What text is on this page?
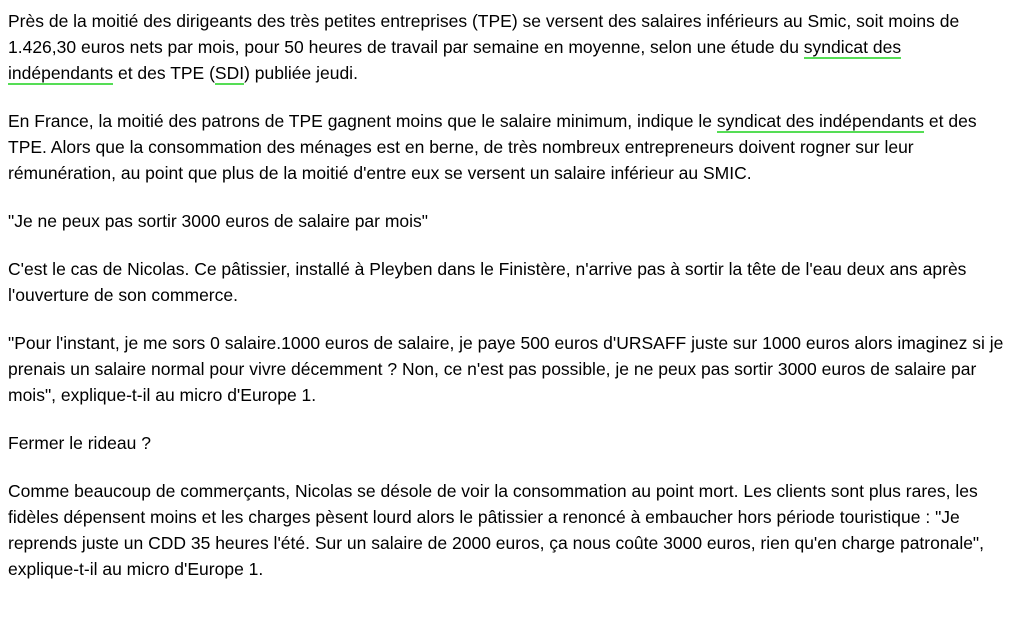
Près de la moitié des dirigeants des très petites entreprises (TPE) se versent des salaires inférieurs au Smic, soit moins de 1.426,30 euros nets par mois, pour 50 heures de travail par semaine en moyenne, selon une étude du syndicat des indépendants et des TPE (SDI) publiée jeudi.

En France, la moitié des patrons de TPE gagnent moins que le salaire minimum, indique le syndicat des indépendants et des TPE. Alors que la consommation des ménages est en berne, de très nombreux entrepreneurs doivent rogner sur leur rémunération, au point que plus de la moitié d'entre eux se versent un salaire inférieur au SMIC.

"Je ne peux pas sortir 3000 euros de salaire par mois"

C'est le cas de Nicolas. Ce pâtissier, installé à Pleyben dans le Finistère, n'arrive pas à sortir la tête de l'eau deux ans après l'ouverture de son commerce.

"Pour l'instant, je me sors 0 salaire.1000 euros de salaire, je paye 500 euros d'URSAFF juste sur 1000 euros alors imaginez si je prenais un salaire normal pour vivre décemment ? Non, ce n'est pas possible, je ne peux pas sortir 3000 euros de salaire par mois", explique-t-il au micro d'Europe 1.

Fermer le rideau ?

Comme beaucoup de commerçants, Nicolas se désole de voir la consommation au point mort. Les clients sont plus rares, les fidèles dépensent moins et les charges pèsent lourd alors le pâtissier a renoncé à embaucher hors période touristique : "Je reprends juste un CDD 35 heures l'été. Sur un salaire de 2000 euros, ça nous coûte 3000 euros, rien qu'en charge patronale", explique-t-il au micro d'Europe 1.
